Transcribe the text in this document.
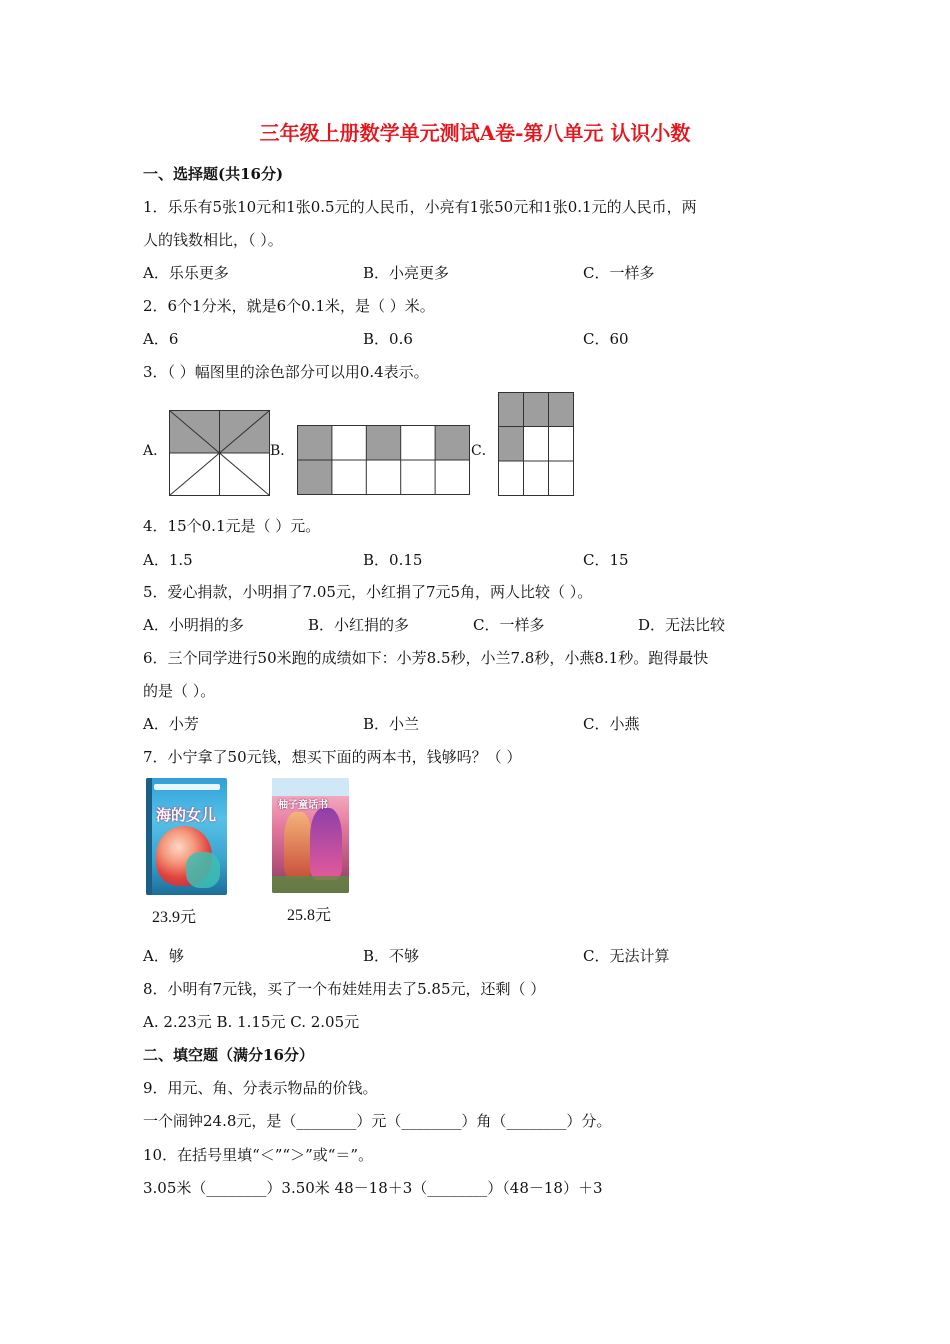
三年级上册数学单元测试A卷-第八单元 认识小数
一、选择题(共16分)
1．乐乐有5张10元和1张0.5元的人民币，小亮有1张50元和1张0.1元的人民币，两
人的钱数相比，（ ）。
A．乐乐更多	B．小亮更多	C．一样多
2．6个1分米，就是6个0.1米，是（ ）米。
A．6	B．0.6	C．60
3．（ ）幅图里的涂色部分可以用0.4表示。
A．	B．	C．
4．15个0.1元是（ ）元。
A．1.5	B．0.15	C．15
5．爱心捐款，小明捐了7.05元，小红捐了7元5角，两人比较（ ）。
A．小明捐的多	B．小红捐的多	C．一样多	D．无法比较
6．三个同学进行50米跑的成绩如下：小芳8.5秒，小兰7.8秒，小燕8.1秒。跑得最快
的是（ ）。
A．小芳	B．小兰	C．小燕
7．小宁拿了50元钱，想买下面的两本书，钱够吗？（ ）
海的女儿
柚子童话书
23.9元	25.8元
A．够	B．不够	C．无法计算
8．小明有7元钱，买了一个布娃娃用去了5.85元，还剩（ ）
A. 2.23元 B. 1.15元 C. 2.05元
二、填空题（满分16分）
9．用元、角、分表示物品的价钱。
一个闹钟24.8元，是（________）元（________）角（________）分。
10．在括号里填“＜”“＞”或“＝”。
3.05米（________）3.50米 48－18＋3（________）（48－18）＋3
